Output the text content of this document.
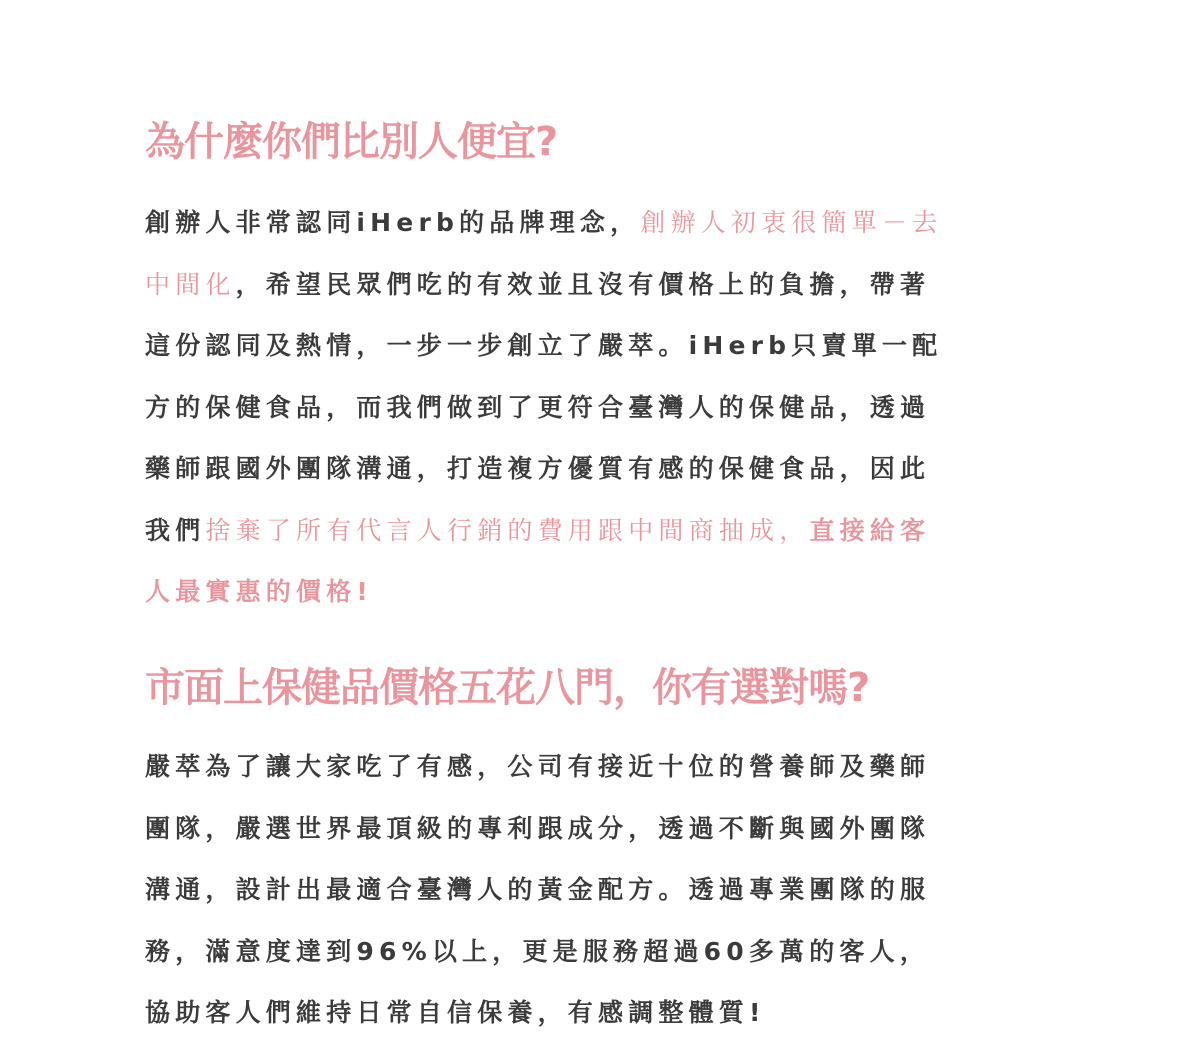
為什麼你們比別人便宜?

創辦人非常認同iHerb的品牌理念，創辦人初衷很簡單－去
中間化，希望民眾們吃的有效並且沒有價格上的負擔，帶著
這份認同及熱情，一步一步創立了嚴萃。iHerb只賣單一配
方的保健食品，而我們做到了更符合臺灣人的保健品，透過
藥師跟國外團隊溝通，打造複方優質有感的保健食品，因此
我們捨棄了所有代言人行銷的費用跟中間商抽成，直接給客
人最實惠的價格!

市面上保健品價格五花八門，你有選對嗎?

嚴萃為了讓大家吃了有感，公司有接近十位的營養師及藥師
團隊，嚴選世界最頂級的專利跟成分，透過不斷與國外團隊
溝通，設計出最適合臺灣人的黃金配方。透過專業團隊的服
務，滿意度達到96%以上，更是服務超過60多萬的客人，
協助客人們維持日常自信保養，有感調整體質!
